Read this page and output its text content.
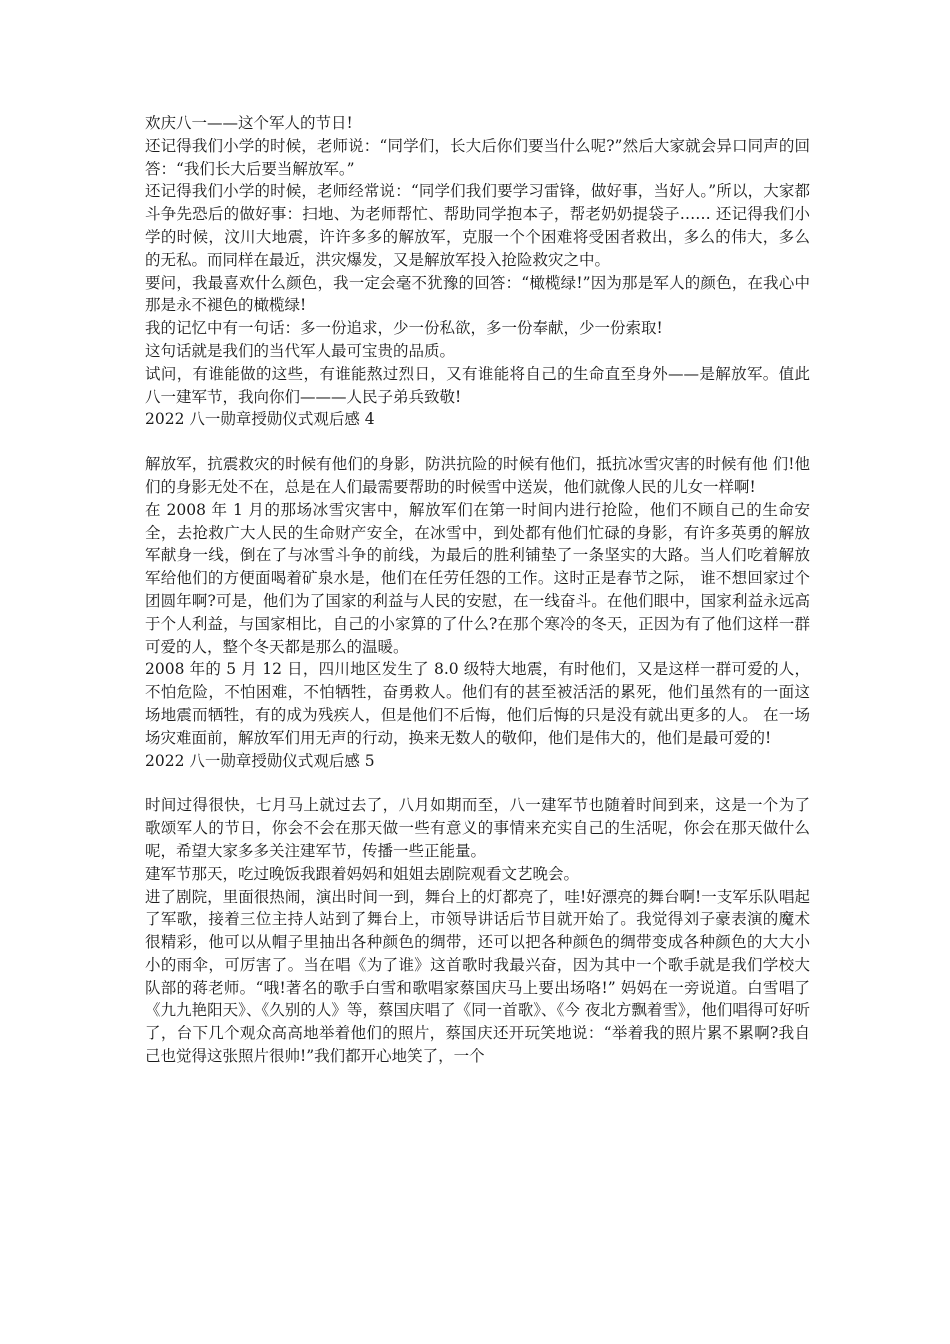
欢庆八一——这个军人的节日!

还记得我们小学的时候，老师说：“同学们，长大后你们要当什么呢?”然后大家就会异口同声的回答：“我们长大后要当解放军。”

还记得我们小学的时候，老师经常说：“同学们我们要学习雷锋，做好事，当好人。”所以，大家都斗争先恐后的做好事：扫地、为老师帮忙、帮助同学抱本子，帮老奶奶提袋子…… 还记得我们小学的时候，汶川大地震，许许多多的解放军，克服一个个困难将受困者救出，多么的伟大，多么的无私。而同样在最近，洪灾爆发，又是解放军投入抢险救灾之中。

要问，我最喜欢什么颜色，我一定会毫不犹豫的回答：“橄榄绿!”因为那是军人的颜色，在我心中那是永不褪色的橄榄绿!

我的记忆中有一句话：多一份追求，少一份私欲，多一份奉献，少一份索取!

这句话就是我们的当代军人最可宝贵的品质。

试问，有谁能做的这些，有谁能熬过烈日，又有谁能将自己的生命直至身外——是解放军。值此八一建军节，我向你们———人民子弟兵致敬!

2022 八一勋章授勋仪式观后感 4

解放军，抗震救灾的时候有他们的身影，防洪抗险的时候有他们，抵抗冰雪灾害的时候有他 们!他们的身影无处不在，总是在人们最需要帮助的时候雪中送炭，他们就像人民的儿女一样啊!

在 2008 年 1 月的那场冰雪灾害中，解放军们在第一时间内进行抢险，他们不顾自己的生命安全，去抢救广大人民的生命财产安全，在冰雪中，到处都有他们忙碌的身影，有许多英勇的解放军献身一线，倒在了与冰雪斗争的前线，为最后的胜利铺垫了一条坚实的大路。当人们吃着解放军给他们的方便面喝着矿泉水是，他们在任劳任怨的工作。这时正是春节之际， 谁不想回家过个团圆年啊?可是，他们为了国家的利益与人民的安慰，在一线奋斗。在他们眼中，国家利益永远高于个人利益，与国家相比，自己的小家算的了什么?在那个寒冷的冬天，正因为有了他们这样一群可爱的人，整个冬天都是那么的温暖。

2008 年的 5 月 12 日，四川地区发生了 8.0 级特大地震，有时他们，又是这样一群可爱的人，不怕危险，不怕困难，不怕牺牲，奋勇救人。他们有的甚至被活活的累死，他们虽然有的一面这场地震而牺牲，有的成为残疾人，但是他们不后悔，他们后悔的只是没有就出更多的人。 在一场场灾难面前，解放军们用无声的行动，换来无数人的敬仰，他们是伟大的，他们是最可爱的!

2022 八一勋章授勋仪式观后感 5

时间过得很快，七月马上就过去了，八月如期而至，八一建军节也随着时间到来，这是一个为了歌颂军人的节日，你会不会在那天做一些有意义的事情来充实自己的生活呢，你会在那天做什么呢，希望大家多多关注建军节，传播一些正能量。

建军节那天，吃过晚饭我跟着妈妈和姐姐去剧院观看文艺晚会。

进了剧院，里面很热闹，演出时间一到，舞台上的灯都亮了，哇!好漂亮的舞台啊!一支军乐队唱起了军歌，接着三位主持人站到了舞台上，市领导讲话后节目就开始了。我觉得刘子豪表演的魔术很精彩，他可以从帽子里抽出各种颜色的绸带，还可以把各种颜色的绸带变成各种颜色的大大小小的雨伞，可厉害了。当在唱《为了谁》这首歌时我最兴奋，因为其中一个歌手就是我们学校大队部的蒋老师。“哦!著名的歌手白雪和歌唱家蔡国庆马上要出场咯!” 妈妈在一旁说道。白雪唱了《九九艳阳天》、《久别的人》等，蔡国庆唱了《同一首歌》、《今 夜北方飘着雪》，他们唱得可好听了，台下几个观众高高地举着他们的照片，蔡国庆还开玩笑地说：“举着我的照片累不累啊?我自己也觉得这张照片很帅!”我们都开心地笑了，一个
